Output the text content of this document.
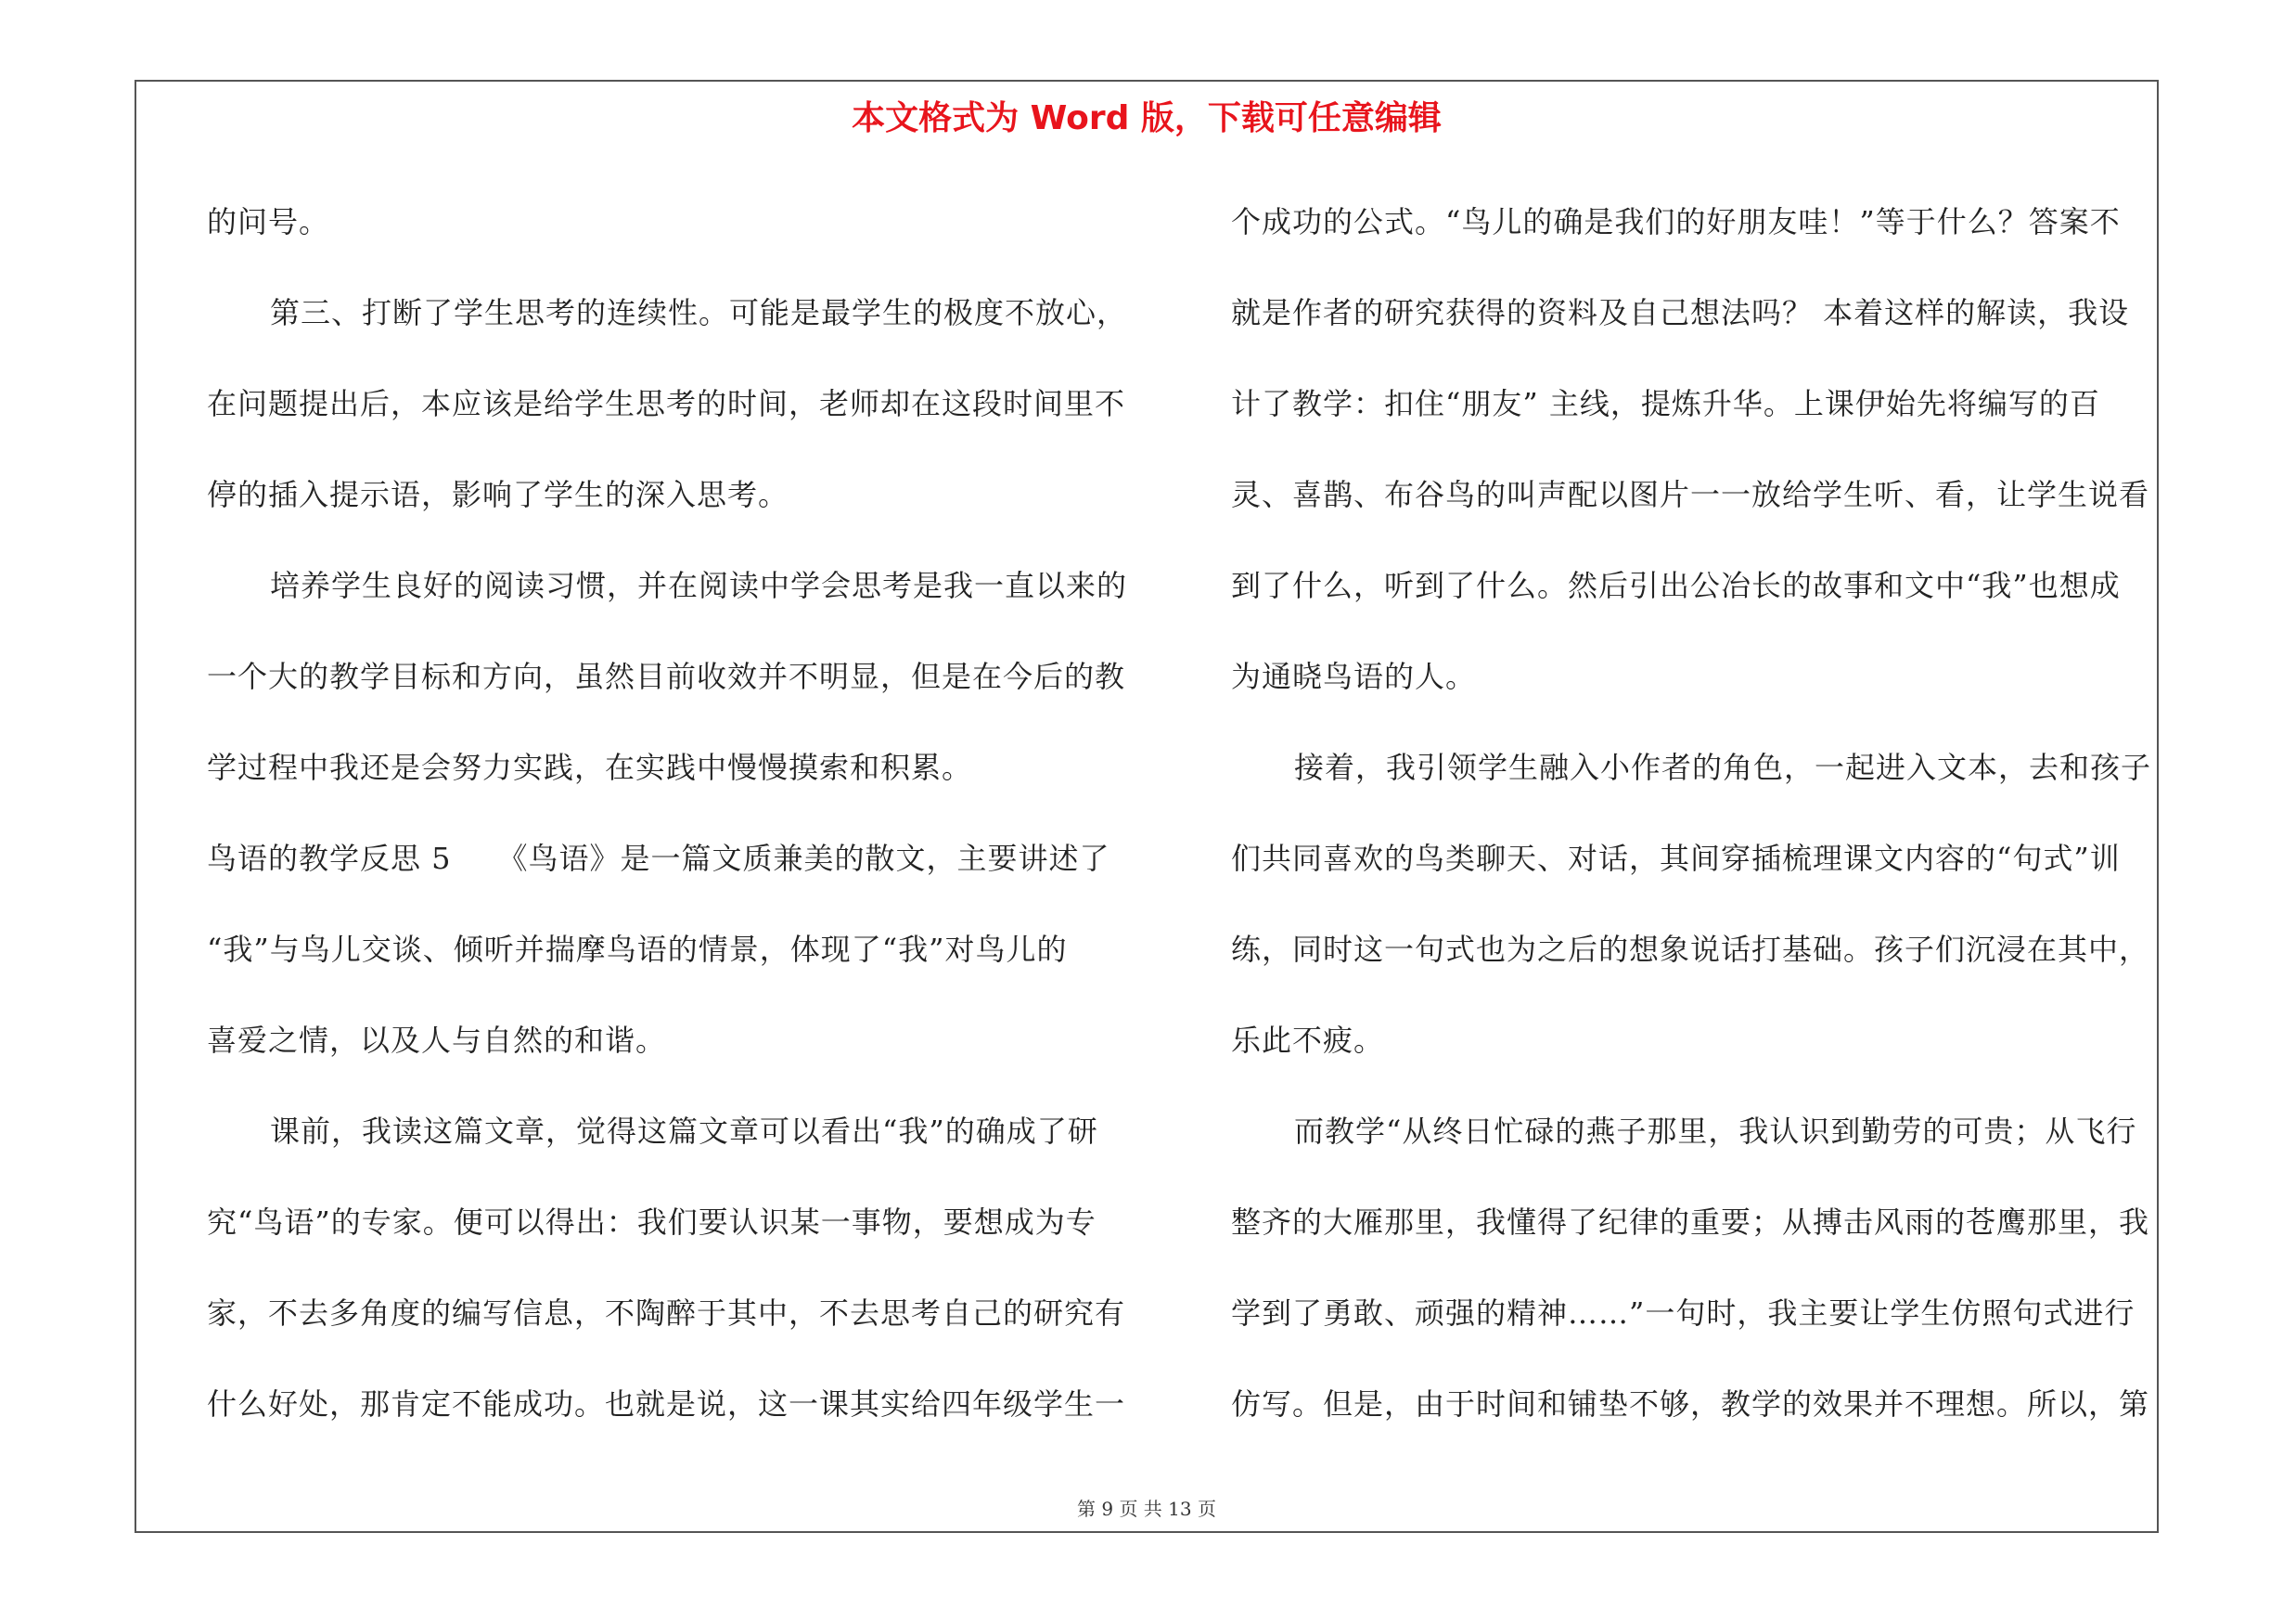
本文格式为 Word 版，下载可任意编辑
的问号。
第三、打断了学生思考的连续性。可能是最学生的极度不放心，
在问题提出后，本应该是给学生思考的时间，老师却在这段时间里不
停的插入提示语，影响了学生的深入思考。
培养学生良好的阅读习惯，并在阅读中学会思考是我一直以来的
一个大的教学目标和方向，虽然目前收效并不明显，但是在今后的教
学过程中我还是会努力实践，在实践中慢慢摸索和积累。
鸟语的教学反思 5　　《鸟语》是一篇文质兼美的散文，主要讲述了
“我”与鸟儿交谈、倾听并揣摩鸟语的情景，体现了“我”对鸟儿的
喜爱之情，以及人与自然的和谐。
课前，我读这篇文章，觉得这篇文章可以看出“我”的确成了研
究“鸟语”的专家。便可以得出：我们要认识某一事物，要想成为专
家，不去多角度的编写信息，不陶醉于其中，不去思考自己的研究有
什么好处，那肯定不能成功。也就是说，这一课其实给四年级学生一
个成功的公式。“鸟儿的确是我们的好朋友哇！”等于什么？答案不
就是作者的研究获得的资料及自己想法吗？ 本着这样的解读，我设
计了教学：扣住“朋友” 主线，提炼升华。上课伊始先将编写的百
灵、喜鹊、布谷鸟的叫声配以图片一一放给学生听、看，让学生说看
到了什么，听到了什么。然后引出公冶长的故事和文中“我”也想成
为通晓鸟语的人。
接着，我引领学生融入小作者的角色，一起进入文本，去和孩子
们共同喜欢的鸟类聊天、对话，其间穿插梳理课文内容的“句式”训
练，同时这一句式也为之后的想象说话打基础。孩子们沉浸在其中，
乐此不疲。
而教学“从终日忙碌的燕子那里，我认识到勤劳的可贵；从飞行
整齐的大雁那里，我懂得了纪律的重要；从搏击风雨的苍鹰那里，我
学到了勇敢、顽强的精神……”一句时，我主要让学生仿照句式进行
仿写。但是，由于时间和铺垫不够，教学的效果并不理想。所以，第
第 9 页 共 13 页
